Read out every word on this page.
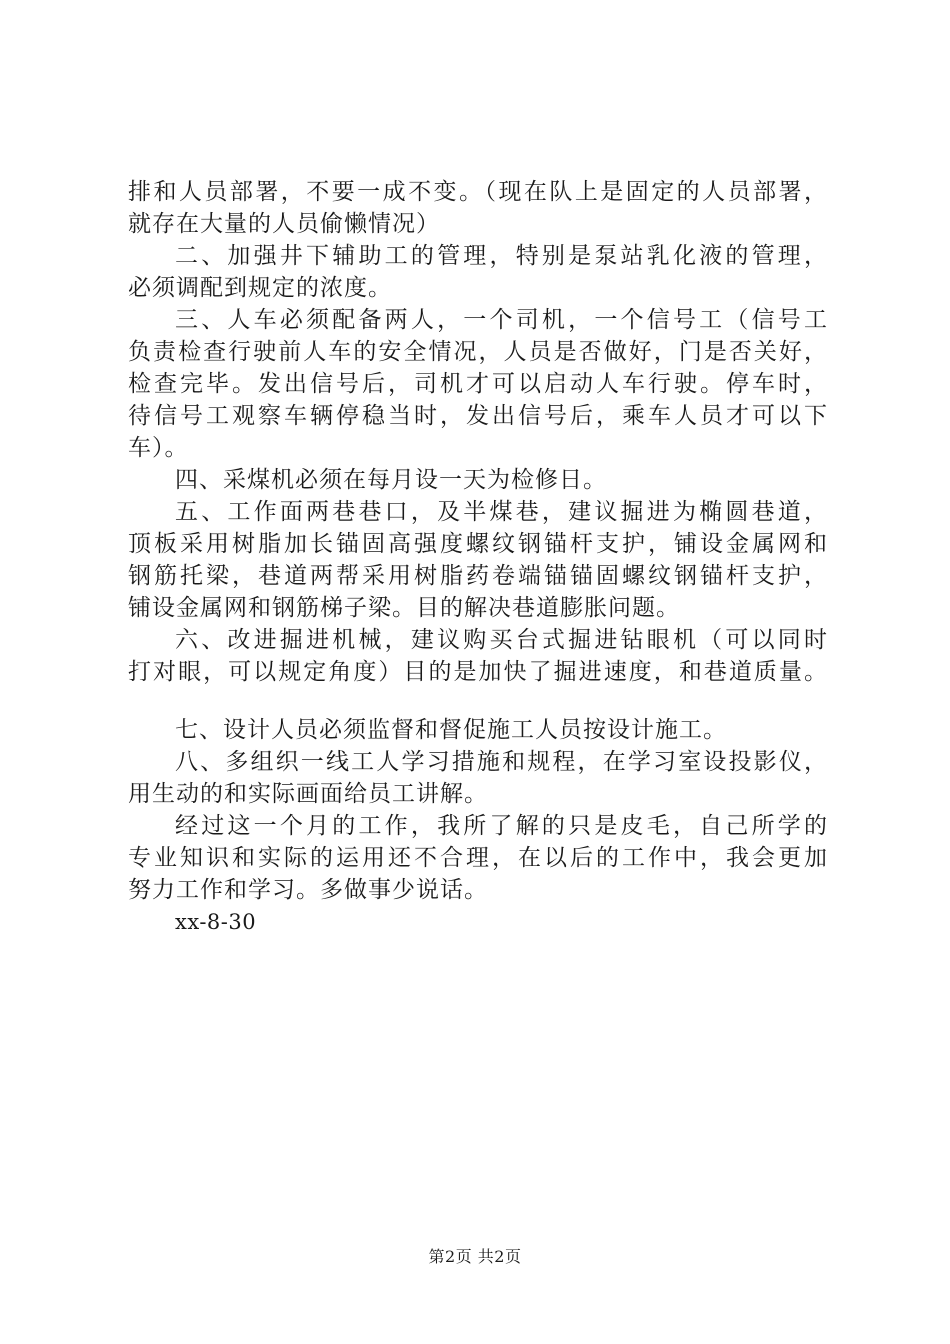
排和人员部署，不要一成不变。（现在队上是固定的人员部署，
就存在大量的人员偷懒情况）
二、加强井下辅助工的管理，特别是泵站乳化液的管理，
必须调配到规定的浓度。
三、人车必须配备两人，一个司机，一个信号工（信号工
负责检查行驶前人车的安全情况，人员是否做好，门是否关好，
检查完毕。发出信号后，司机才可以启动人车行驶。停车时，
待信号工观察车辆停稳当时，发出信号后，乘车人员才可以下
车）。
四、采煤机必须在每月设一天为检修日。
五、工作面两巷巷口，及半煤巷，建议掘进为椭圆巷道，
顶板采用树脂加长锚固高强度螺纹钢锚杆支护，铺设金属网和
钢筋托梁，巷道两帮采用树脂药卷端锚锚固螺纹钢锚杆支护，
铺设金属网和钢筋梯子梁。目的解决巷道膨胀问题。
六、改进掘进机械，建议购买台式掘进钻眼机（可以同时
打对眼，可以规定角度）目的是加快了掘进速度，和巷道质量。
七、设计人员必须监督和督促施工人员按设计施工。
八、多组织一线工人学习措施和规程，在学习室设投影仪，
用生动的和实际画面给员工讲解。
经过这一个月的工作，我所了解的只是皮毛，自己所学的
专业知识和实际的运用还不合理，在以后的工作中，我会更加
努力工作和学习。多做事少说话。
xx-8-30
第2页 共2页
